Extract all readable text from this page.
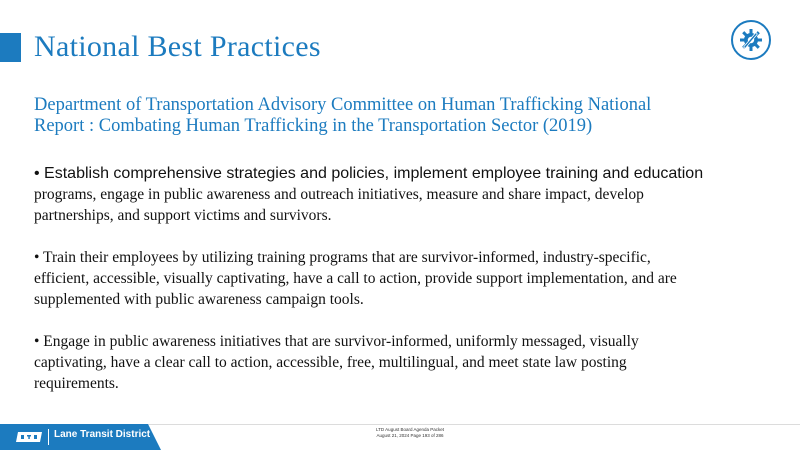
National Best Practices
Department of Transportation Advisory Committee on Human Trafficking National
Report : Combating Human Trafficking in the Transportation Sector (2019)
• Establish comprehensive strategies and policies, implement employee training and education
programs, engage in public awareness and outreach initiatives, measure and share impact, develop
partnerships, and support victims and survivors.
• Train their employees by utilizing training programs that are survivor-informed, industry-specific,
efficient, accessible, visually captivating, have a call to action, provide support implementation, and are
supplemented with public awareness campaign tools.
• Engage in public awareness initiatives that are survivor-informed, uniformly messaged, visually
captivating, have a clear call to action, accessible, free, multilingual, and meet state law posting
requirements.
Lane Transit District	LTD August Board Agenda Packet
August 21, 2024 Page 193 of 286
